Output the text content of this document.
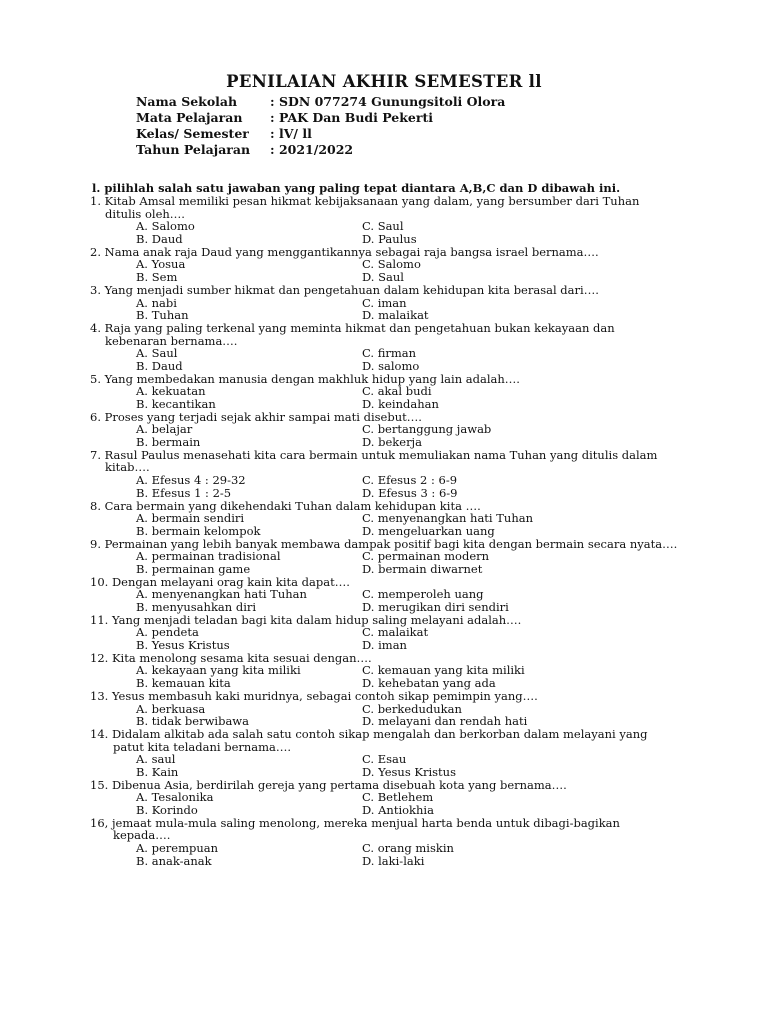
PENILAIAN AKHIR SEMESTER ll
Nama Sekolah	: SDN 077274 Gunungsitoli Olora
Mata Pelajaran : PAK Dan Budi Pekerti
Kelas/ Semester : lV/ ll
Tahun Pelajaran : 2021/2022
l. pilihlah salah satu jawaban yang paling tepat diantara A,B,C dan D dibawah ini.
1. Kitab Amsal memiliki pesan hikmat kebijaksanaan yang dalam, yang bersumber dari Tuhan
ditulis oleh….
A. Salomo	C. Saul
B. Daud	D. Paulus
2. Nama anak raja Daud yang menggantikannya sebagai raja bangsa israel bernama….
A. Yosua	C. Salomo
B. Sem	D. Saul
3. Yang menjadi sumber hikmat dan pengetahuan dalam kehidupan kita berasal dari….
A. nabi	C. iman
B. Tuhan	D. malaikat
4. Raja yang paling terkenal yang meminta hikmat dan pengetahuan bukan kekayaan dan
kebenaran bernama….
A. Saul	C. firman
B. Daud	D. salomo
5. Yang membedakan manusia dengan makhluk hidup yang lain adalah….
A. kekuatan	C. akal budi
B. kecantikan	D. keindahan
6. Proses yang terjadi sejak akhir sampai mati disebut….
A. belajar	C. bertanggung jawab
B. bermain	D. bekerja
7. Rasul Paulus menasehati kita cara bermain untuk memuliakan nama Tuhan yang ditulis dalam
kitab….
A. Efesus 4 : 29-32	C. Efesus 2 : 6-9
B. Efesus 1 : 2-5	D. Efesus 3 : 6-9
8. Cara bermain yang dikehendaki Tuhan dalam kehidupan kita ….
A. bermain sendiri	C. menyenangkan hati Tuhan
B. bermain kelompok	D. mengeluarkan uang
9. Permainan yang lebih banyak membawa dampak positif bagi kita dengan bermain secara nyata….
A. permainan tradisional	C. permainan modern
B. permainan game	D. bermain diwarnet
10. Dengan melayani orag kain kita dapat….
A. menyenangkan hati Tuhan	C. memperoleh uang
B. menyusahkan diri	D. merugikan diri sendiri
11. Yang menjadi teladan bagi kita dalam hidup saling melayani adalah….
A. pendeta	C. malaikat
B. Yesus Kristus	D. iman
12. Kita menolong sesama kita sesuai dengan….
A. kekayaan yang kita miliki	C. kemauan yang kita miliki
B. kemauan kita	D. kehebatan yang ada
13. Yesus membasuh kaki muridnya, sebagai contoh sikap pemimpin yang….
A. berkuasa	C. berkedudukan
B. tidak berwibawa	D. melayani dan rendah hati
14. Didalam alkitab ada salah satu contoh sikap mengalah dan berkorban dalam melayani yang
patut kita teladani bernama….
A. saul	C. Esau
B. Kain	D. Yesus Kristus
15. Dibenua Asia, berdirilah gereja yang pertama disebuah kota yang bernama….
A. Tesalonika	C. Betlehem
B. Korindo	D. Antiokhia
16, jemaat mula-mula saling menolong, mereka menjual harta benda untuk dibagi-bagikan
kepada….
A. perempuan	C. orang miskin
B. anak-anak	D. laki-laki
